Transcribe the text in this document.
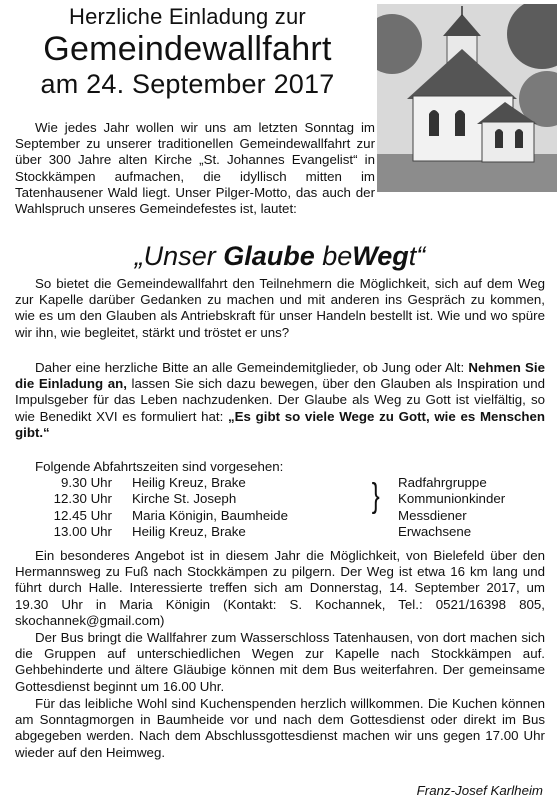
Herzliche Einladung zur
Gemeindewallfahrt
am 24. September 2017
Wie jedes Jahr wollen wir uns am letzten Sonntag im September zu unserer traditionellen Gemeindewallfahrt zur über 300 Jahre alten Kirche „St. Johannes Evangelist“ in Stockkämpen aufmachen, die idyllisch mitten im Tatenhausener Wald liegt. Unser Pilger-Motto, das auch der Wahlspruch unseres Gemeindefestes ist, lautet:
„Unser Glaube beWegt“
So bietet die Gemeindewallfahrt den Teilnehmern die Möglichkeit, sich auf dem Weg zur Kapelle darüber Gedanken zu machen und mit anderen ins Gespräch zu kommen, wie es um den Glauben als Antriebskraft für unser Handeln bestellt ist. Wie und wo spüre wir ihn, wie begleitet, stärkt und tröstet er uns?
Daher eine herzliche Bitte an alle Gemeindemitglieder, ob Jung oder Alt: Nehmen Sie die Einladung an, lassen Sie sich dazu bewegen, über den Glauben als Inspiration und Impulsgeber für das Leben nachzudenken. Der Glaube als Weg zu Gott ist vielfältig, so wie Benedikt XVI es formuliert hat: „Es gibt so viele Wege zu Gott, wie es Menschen gibt.“
Folgende Abfahrtszeiten sind vorgesehen:
9.30 Uhr Heilig Kreuz, Brake	Radfahrgruppe
12.30 Uhr Kirche St. Joseph	Kommunionkinder
12.45 Uhr Maria Königin, Baumheide	Messdiener
13.00 Uhr Heilig Kreuz, Brake	Erwachsene
}
Ein besonderes Angebot ist in diesem Jahr die Möglichkeit, von Bielefeld über den Hermannsweg zu Fuß nach Stockkämpen zu pilgern. Der Weg ist etwa 16 km lang und führt durch Halle. Interessierte treffen sich am Donnerstag, 14. September 2017, um 19.30 Uhr in Maria Königin (Kontakt: S. Kochannek, Tel.: 0521/16398 805, skochannek@gmail.com)
Der Bus bringt die Wallfahrer zum Wasserschloss Tatenhausen, von dort machen sich die Gruppen auf unterschiedlichen Wegen zur Kapelle nach Stockkämpen auf. Gehbehinderte und ältere Gläubige können mit dem Bus weiterfahren. Der gemeinsame Gottesdienst beginnt um 16.00 Uhr.
Für das leibliche Wohl sind Kuchenspenden herzlich willkommen. Die Kuchen können am Sonntagmorgen in Baumheide vor und nach dem Gottesdienst oder direkt im Bus abgegeben werden. Nach dem Abschlussgottesdienst machen wir uns gegen 17.00 Uhr wieder auf den Heimweg.
Franz-Josef Karlheim
